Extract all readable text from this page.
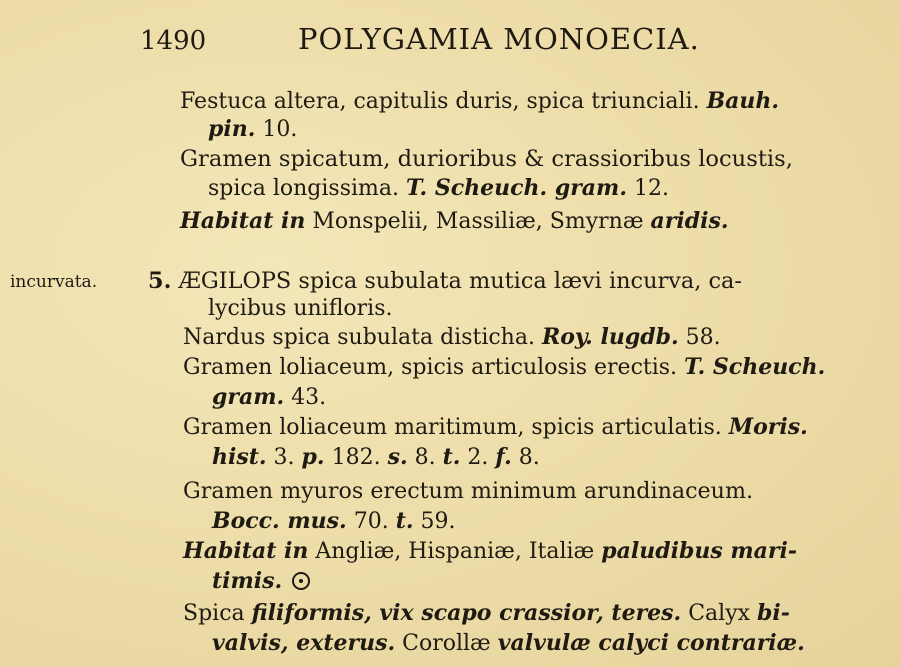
1490	POLYGAMIA MONOECIA.
Festuca altera, capitulis duris, spica triunciali. Bauh.
pin. 10.
Gramen spicatum, durioribus & crassioribus locustis,
spica longissima. T. Scheuch. gram. 12.
Habitat in Monspelii, Massiliæ, Smyrnæ aridis.
incurvata. 5. ÆGILOPS spica subulata mutica lævi incurva, ca-
lycibus unifloris.
Nardus spica subulata disticha. Roy. lugdb. 58.
Gramen loliaceum, spicis articulosis erectis. T. Scheuch.
gram. 43.
Gramen loliaceum maritimum, spicis articulatis. Moris.
hist. 3. p. 182. s. 8. t. 2. f. 8.
Gramen myuros erectum minimum arundinaceum.
Bocc. mus. 70. t. 59.
Habitat in Angliæ, Hispaniæ, Italiæ paludibus mari-
timis.
Spica filiformis, vix scapo crassior, teres. Calyx bi-
valvis, exterus. Corollæ valvulæ calyci contrariæ.
